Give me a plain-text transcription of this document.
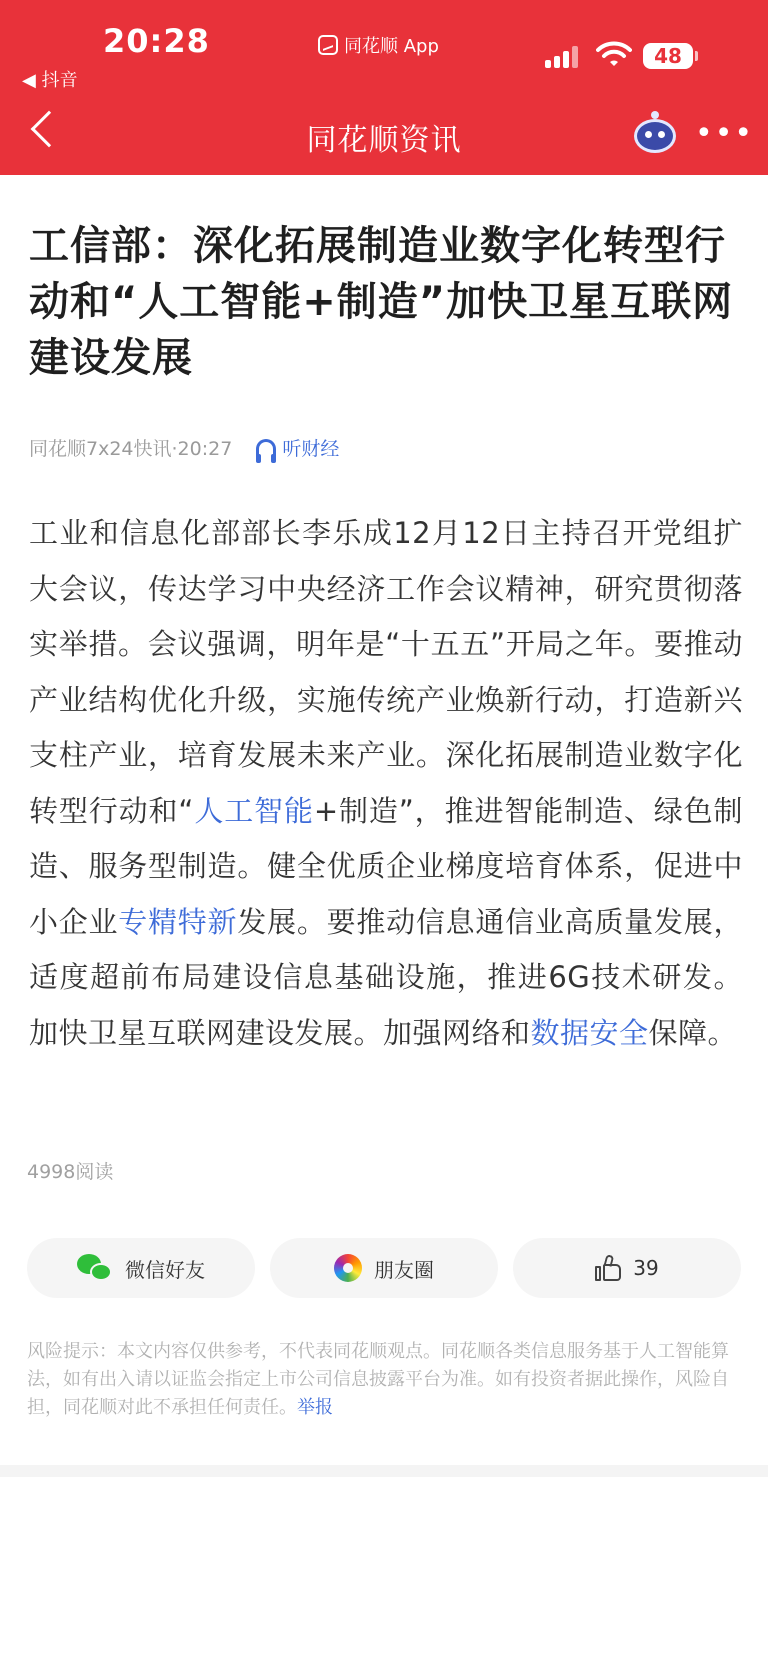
20:28
◀ 抖音
同花顺 App	48
同花顺资讯	•••
工信部：深化拓展制造业数字化转型行动和“人工智能+制造”加快卫星互联网建设发展
同花顺7x24快讯·20:27	听财经
工业和信息化部部长李乐成12月12日主持召开党组扩大会议，传达学习中央经济工作会议精神，研究贯彻落实举措。会议强调，明年是“十五五”开局之年。要推动产业结构优化升级，实施传统产业焕新行动，打造新兴支柱产业，培育发展未来产业。深化拓展制造业数字化转型行动和“人工智能+制造”，推进智能制造、绿色制造、服务型制造。健全优质企业梯度培育体系，促进中小企业专精特新发展。要推动信息通信业高质量发展，适度超前布局建设信息基础设施，推进6G技术研发。加快卫星互联网建设发展。加强网络和数据安全保障。
4998阅读
微信好友	朋友圈	39
风险提示：本文内容仅供参考，不代表同花顺观点。同花顺各类信息服务基于人工智能算法，如有出入请以证监会指定上市公司信息披露平台为准。如有投资者据此操作，风险自担，同花顺对此不承担任何责任。举报
